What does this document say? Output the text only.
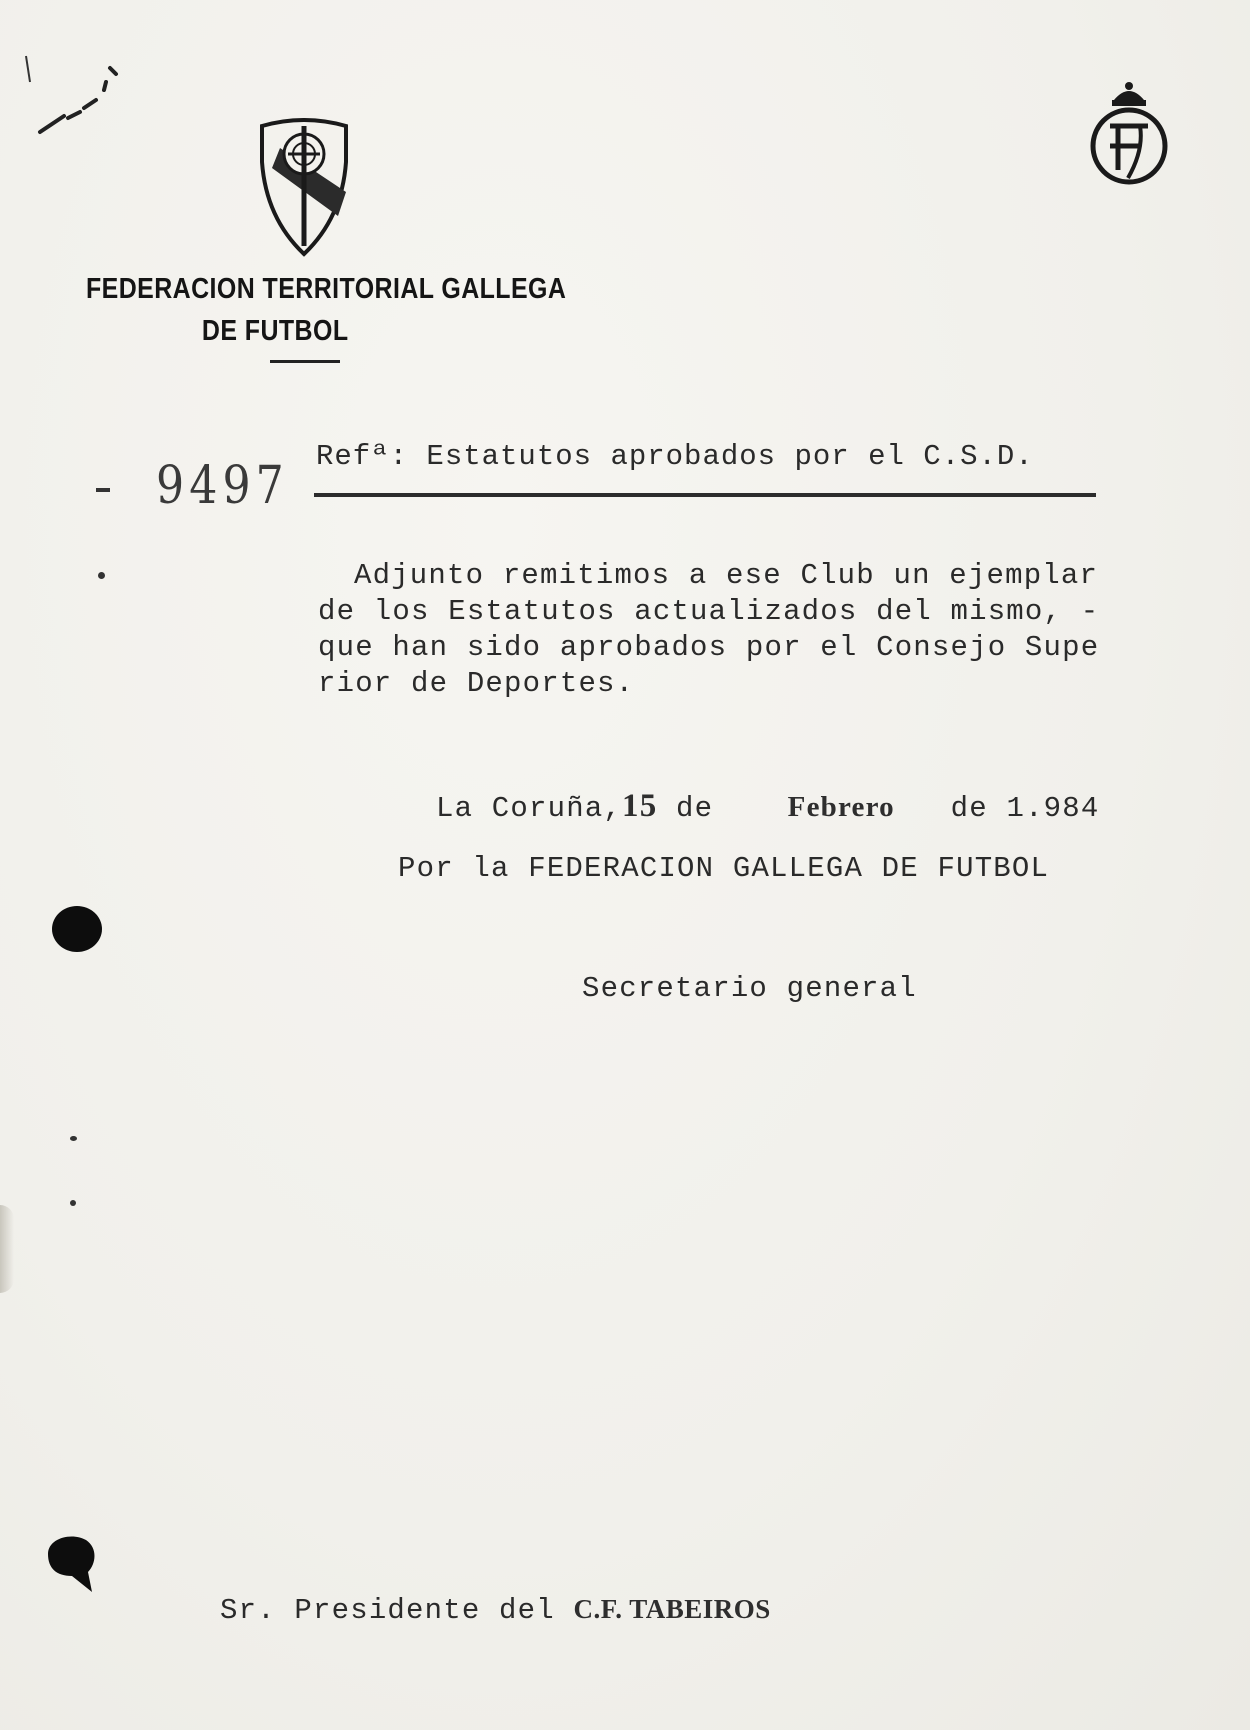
FEDERACION TERRITORIAL GALLEGA
DE FUTBOL
9497 Refª: Estatutos aprobados por el C.S.D.
Adjunto remitimos a ese Club un ejemplar
de los Estatutos actualizados del mismo, -
que han sido aprobados por el Consejo Supe
rior de Deportes.
La Coruña,15 de	Febrero de 1.984
Por la FEDERACION GALLEGA DE FUTBOL
Secretario general
Sr. Presidente del C.F. TABEIROS
